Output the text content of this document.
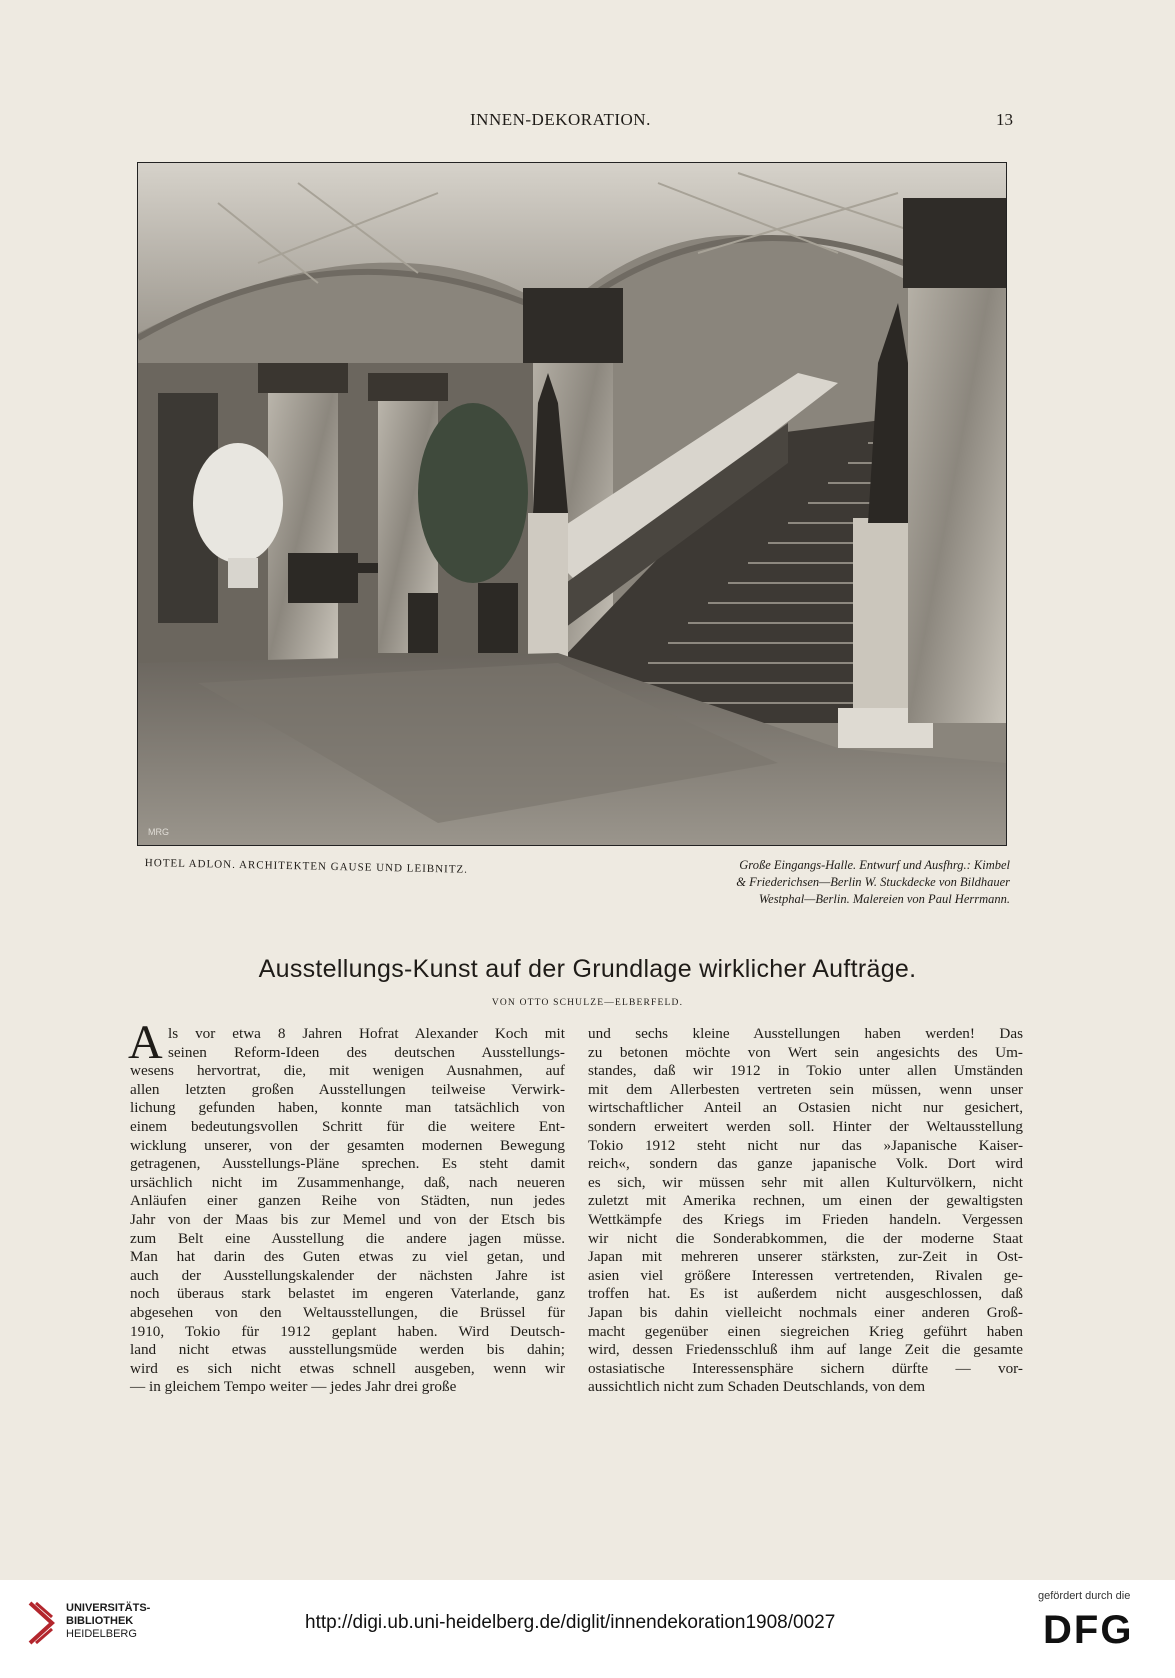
INNEN-DEKORATION.	13
MRG
HOTEL ADLON. ARCHITEKTEN GAUSE UND LEIBNITZ.	Große Eingangs-Halle. Entwurf und Ausfhrg.: Kimbel
& Friederichsen—Berlin W. Stuckdecke von Bildhauer
Westphal—Berlin. Malereien von Paul Herrmann.
Ausstellungs-Kunst auf der Grundlage wirklicher Aufträge.
VON OTTO SCHULZE—ELBERFELD.
A ls vor etwa 8 Jahren Hofrat Alexander Koch mit
seinen Reform-Ideen des deutschen Ausstellungs-
wesens hervortrat, die, mit wenigen Ausnahmen, auf
allen letzten großen Ausstellungen teilweise Verwirk-
lichung gefunden haben, konnte man tatsächlich von
einem bedeutungsvollen Schritt für die weitere Ent-
wicklung unserer, von der gesamten modernen Bewegung
getragenen, Ausstellungs-Pläne sprechen. Es steht damit
ursächlich nicht im Zusammenhange, daß, nach neueren
Anläufen einer ganzen Reihe von Städten, nun jedes
Jahr von der Maas bis zur Memel und von der Etsch bis
zum Belt eine Ausstellung die andere jagen müsse.
Man hat darin des Guten etwas zu viel getan, und
auch der Ausstellungskalender der nächsten Jahre ist
noch überaus stark belastet im engeren Vaterlande, ganz
abgesehen von den Weltausstellungen, die Brüssel für
1910, Tokio für 1912 geplant haben. Wird Deutsch-
land nicht etwas ausstellungsmüde werden bis dahin;
wird es sich nicht etwas schnell ausgeben, wenn wir
— in gleichem Tempo weiter — jedes Jahr drei große
und sechs kleine Ausstellungen haben werden! Das
zu betonen möchte von Wert sein angesichts des Um-
standes, daß wir 1912 in Tokio unter allen Umständen
mit dem Allerbesten vertreten sein müssen, wenn unser
wirtschaftlicher Anteil an Ostasien nicht nur gesichert,
sondern erweitert werden soll. Hinter der Weltausstellung
Tokio 1912 steht nicht nur das »Japanische Kaiser-
reich«, sondern das ganze japanische Volk. Dort wird
es sich, wir müssen sehr mit allen Kulturvölkern, nicht
zuletzt mit Amerika rechnen, um einen der gewaltigsten
Wettkämpfe des Kriegs im Frieden handeln. Vergessen
wir nicht die Sonderabkommen, die der moderne Staat
Japan mit mehreren unserer stärksten, zur-Zeit in Ost-
asien viel größere Interessen vertretenden, Rivalen ge-
troffen hat. Es ist außerdem nicht ausgeschlossen, daß
Japan bis dahin vielleicht nochmals einer anderen Groß-
macht gegenüber einen siegreichen Krieg geführt haben
wird, dessen Friedensschluß ihm auf lange Zeit die gesamte
ostasiatische Interessensphäre sichern dürfte — vor-
aussichtlich nicht zum Schaden Deutschlands, von dem
UNIVERSITÄTS-
BIBLIOTHEK
HEIDELBERG
http://digi.ub.uni-heidelberg.de/diglit/innendekoration1908/0027
gefördert durch die
DFG
